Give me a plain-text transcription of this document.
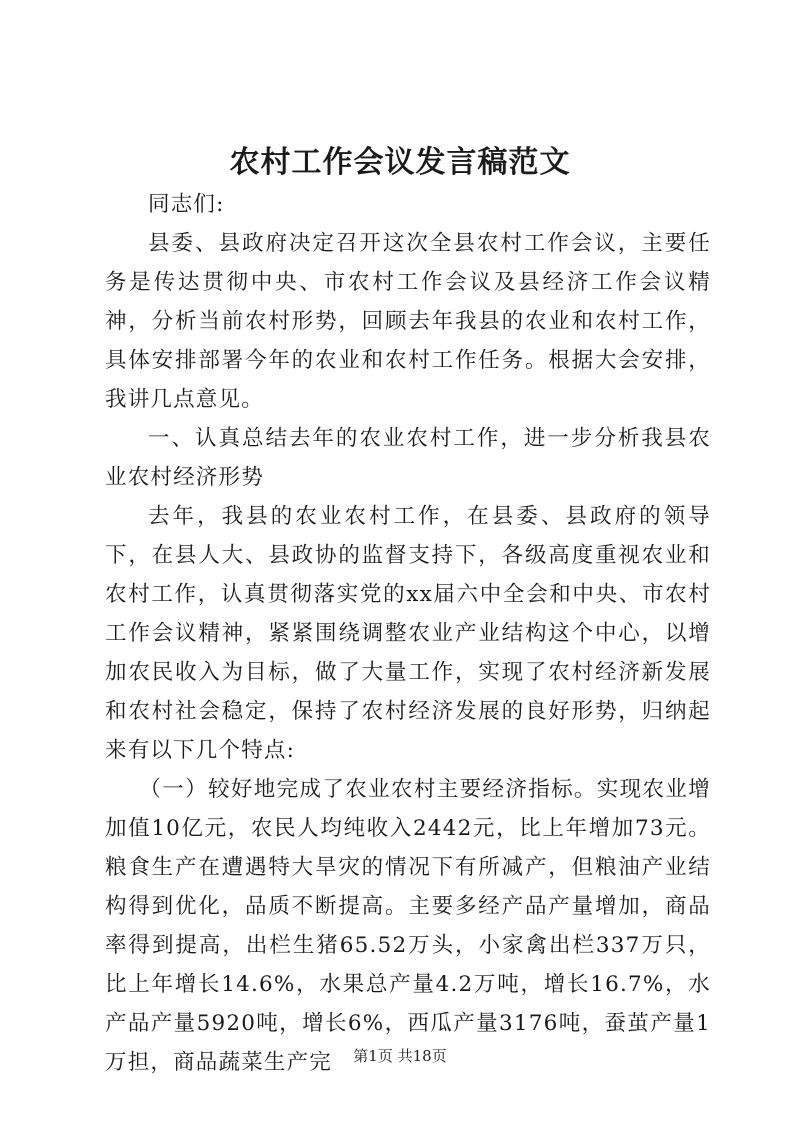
农村工作会议发言稿范文

同志们:

县委、县政府决定召开这次全县农村工作会议，主要任务是传达贯彻中央、市农村工作会议及县经济工作会议精神，分析当前农村形势，回顾去年我县的农业和农村工作，具体安排部署今年的农业和农村工作任务。根据大会安排，我讲几点意见。

一、认真总结去年的农业农村工作，进一步分析我县农业农村经济形势

去年，我县的农业农村工作，在县委、县政府的领导下，在县人大、县政协的监督支持下，各级高度重视农业和农村工作，认真贯彻落实党的xx届六中全会和中央、市农村工作会议精神，紧紧围绕调整农业产业结构这个中心，以增加农民收入为目标，做了大量工作，实现了农村经济新发展和农村社会稳定，保持了农村经济发展的良好形势，归纳起来有以下几个特点:

（一）较好地完成了农业农村主要经济指标。实现农业增加值10亿元，农民人均纯收入2442元，比上年增加73元。粮食生产在遭遇特大旱灾的情况下有所减产，但粮油产业结构得到优化，品质不断提高。主要多经产品产量增加，商品率得到提高，出栏生猪65.52万头，小家禽出栏337万只，比上年增长14.6%，水果总产量4.2万吨，增长16.7%，水产品产量5920吨，增长6%，西瓜产量3176吨，蚕茧产量1万担，商品蔬菜生产完	第1页 共18页
